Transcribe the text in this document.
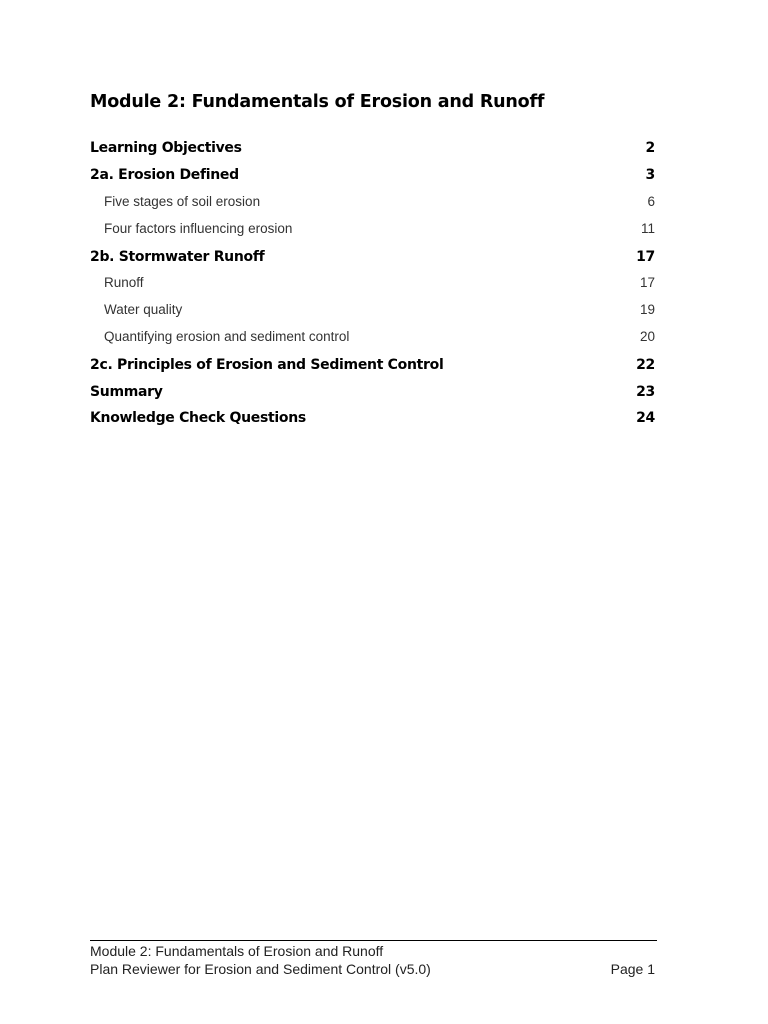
Module 2: Fundamentals of Erosion and Runoff
Learning Objectives	2
2a. Erosion Defined	3
Five stages of soil erosion	6
Four factors influencing erosion	11
2b. Stormwater Runoff	17
Runoff	17
Water quality	19
Quantifying erosion and sediment control	20
2c. Principles of Erosion and Sediment Control	22
Summary	23
Knowledge Check Questions	24
Module 2: Fundamentals of Erosion and Runoff
Plan Reviewer for Erosion and Sediment Control (v5.0)	Page 1
